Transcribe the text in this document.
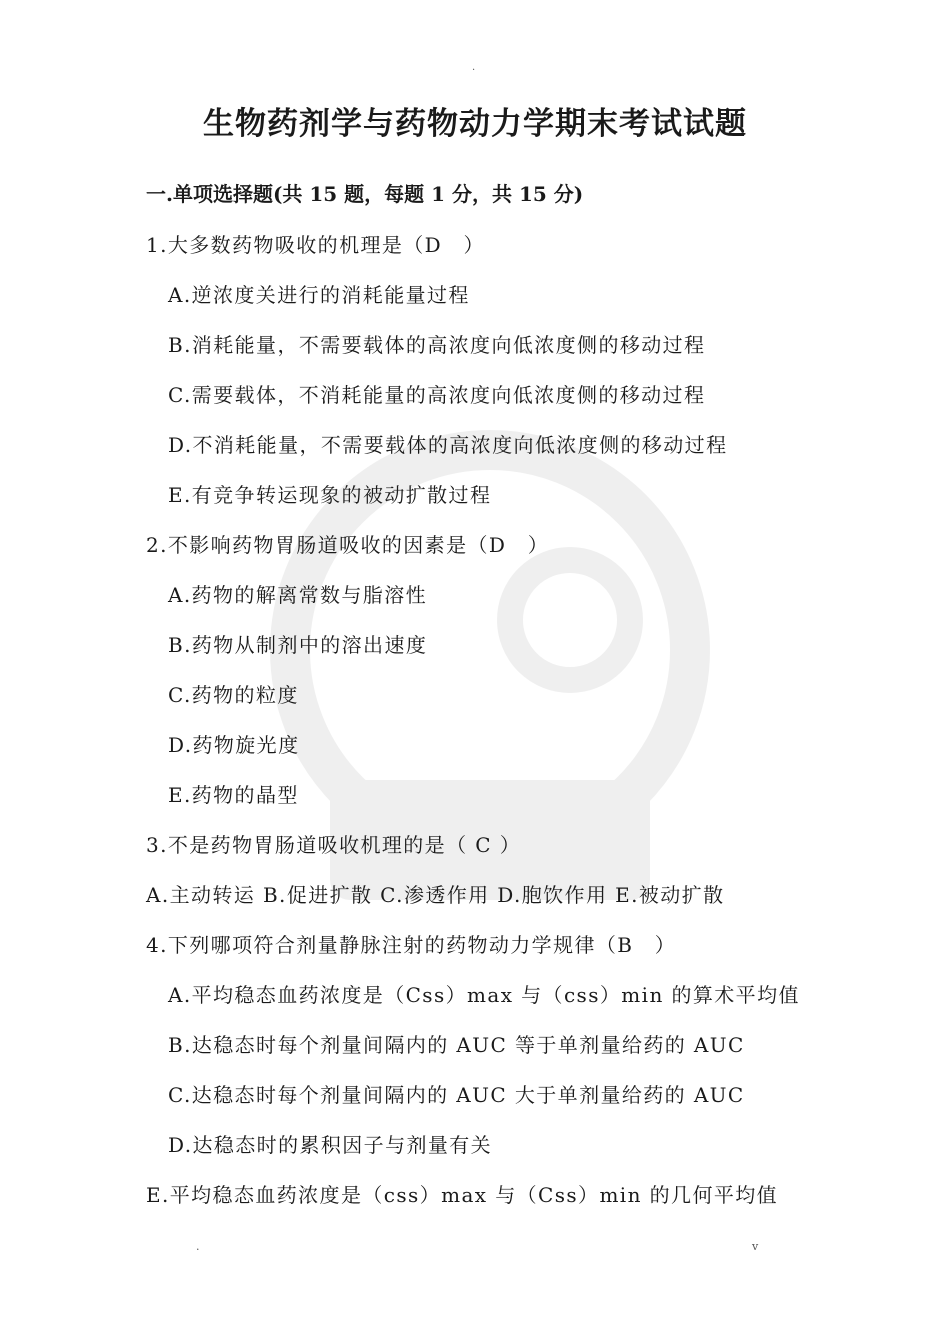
.
生物药剂学与药物动力学期末考试试题
一.单项选择题(共 15 题，每题 1 分，共 15 分)
1.大多数药物吸收的机理是（D　）
A.逆浓度关进行的消耗能量过程
B.消耗能量，不需要载体的高浓度向低浓度侧的移动过程
C.需要载体，不消耗能量的高浓度向低浓度侧的移动过程
D.不消耗能量，不需要载体的高浓度向低浓度侧的移动过程
E.有竞争转运现象的被动扩散过程
2.不影响药物胃肠道吸收的因素是（D　）
A.药物的解离常数与脂溶性
B.药物从制剂中的溶出速度
C.药物的粒度
D.药物旋光度
E.药物的晶型
3.不是药物胃肠道吸收机理的是（ C ）
A.主动转运 B.促进扩散 C.渗透作用 D.胞饮作用 E.被动扩散
4.下列哪项符合剂量静脉注射的药物动力学规律（B　）
A.平均稳态血药浓度是（Css）max 与（css）min 的算术平均值
B.达稳态时每个剂量间隔内的 AUC 等于单剂量给药的 AUC
C.达稳态时每个剂量间隔内的 AUC 大于单剂量给药的 AUC
D.达稳态时的累积因子与剂量有关
E.平均稳态血药浓度是（css）max 与（Css）min 的几何平均值
.	v
